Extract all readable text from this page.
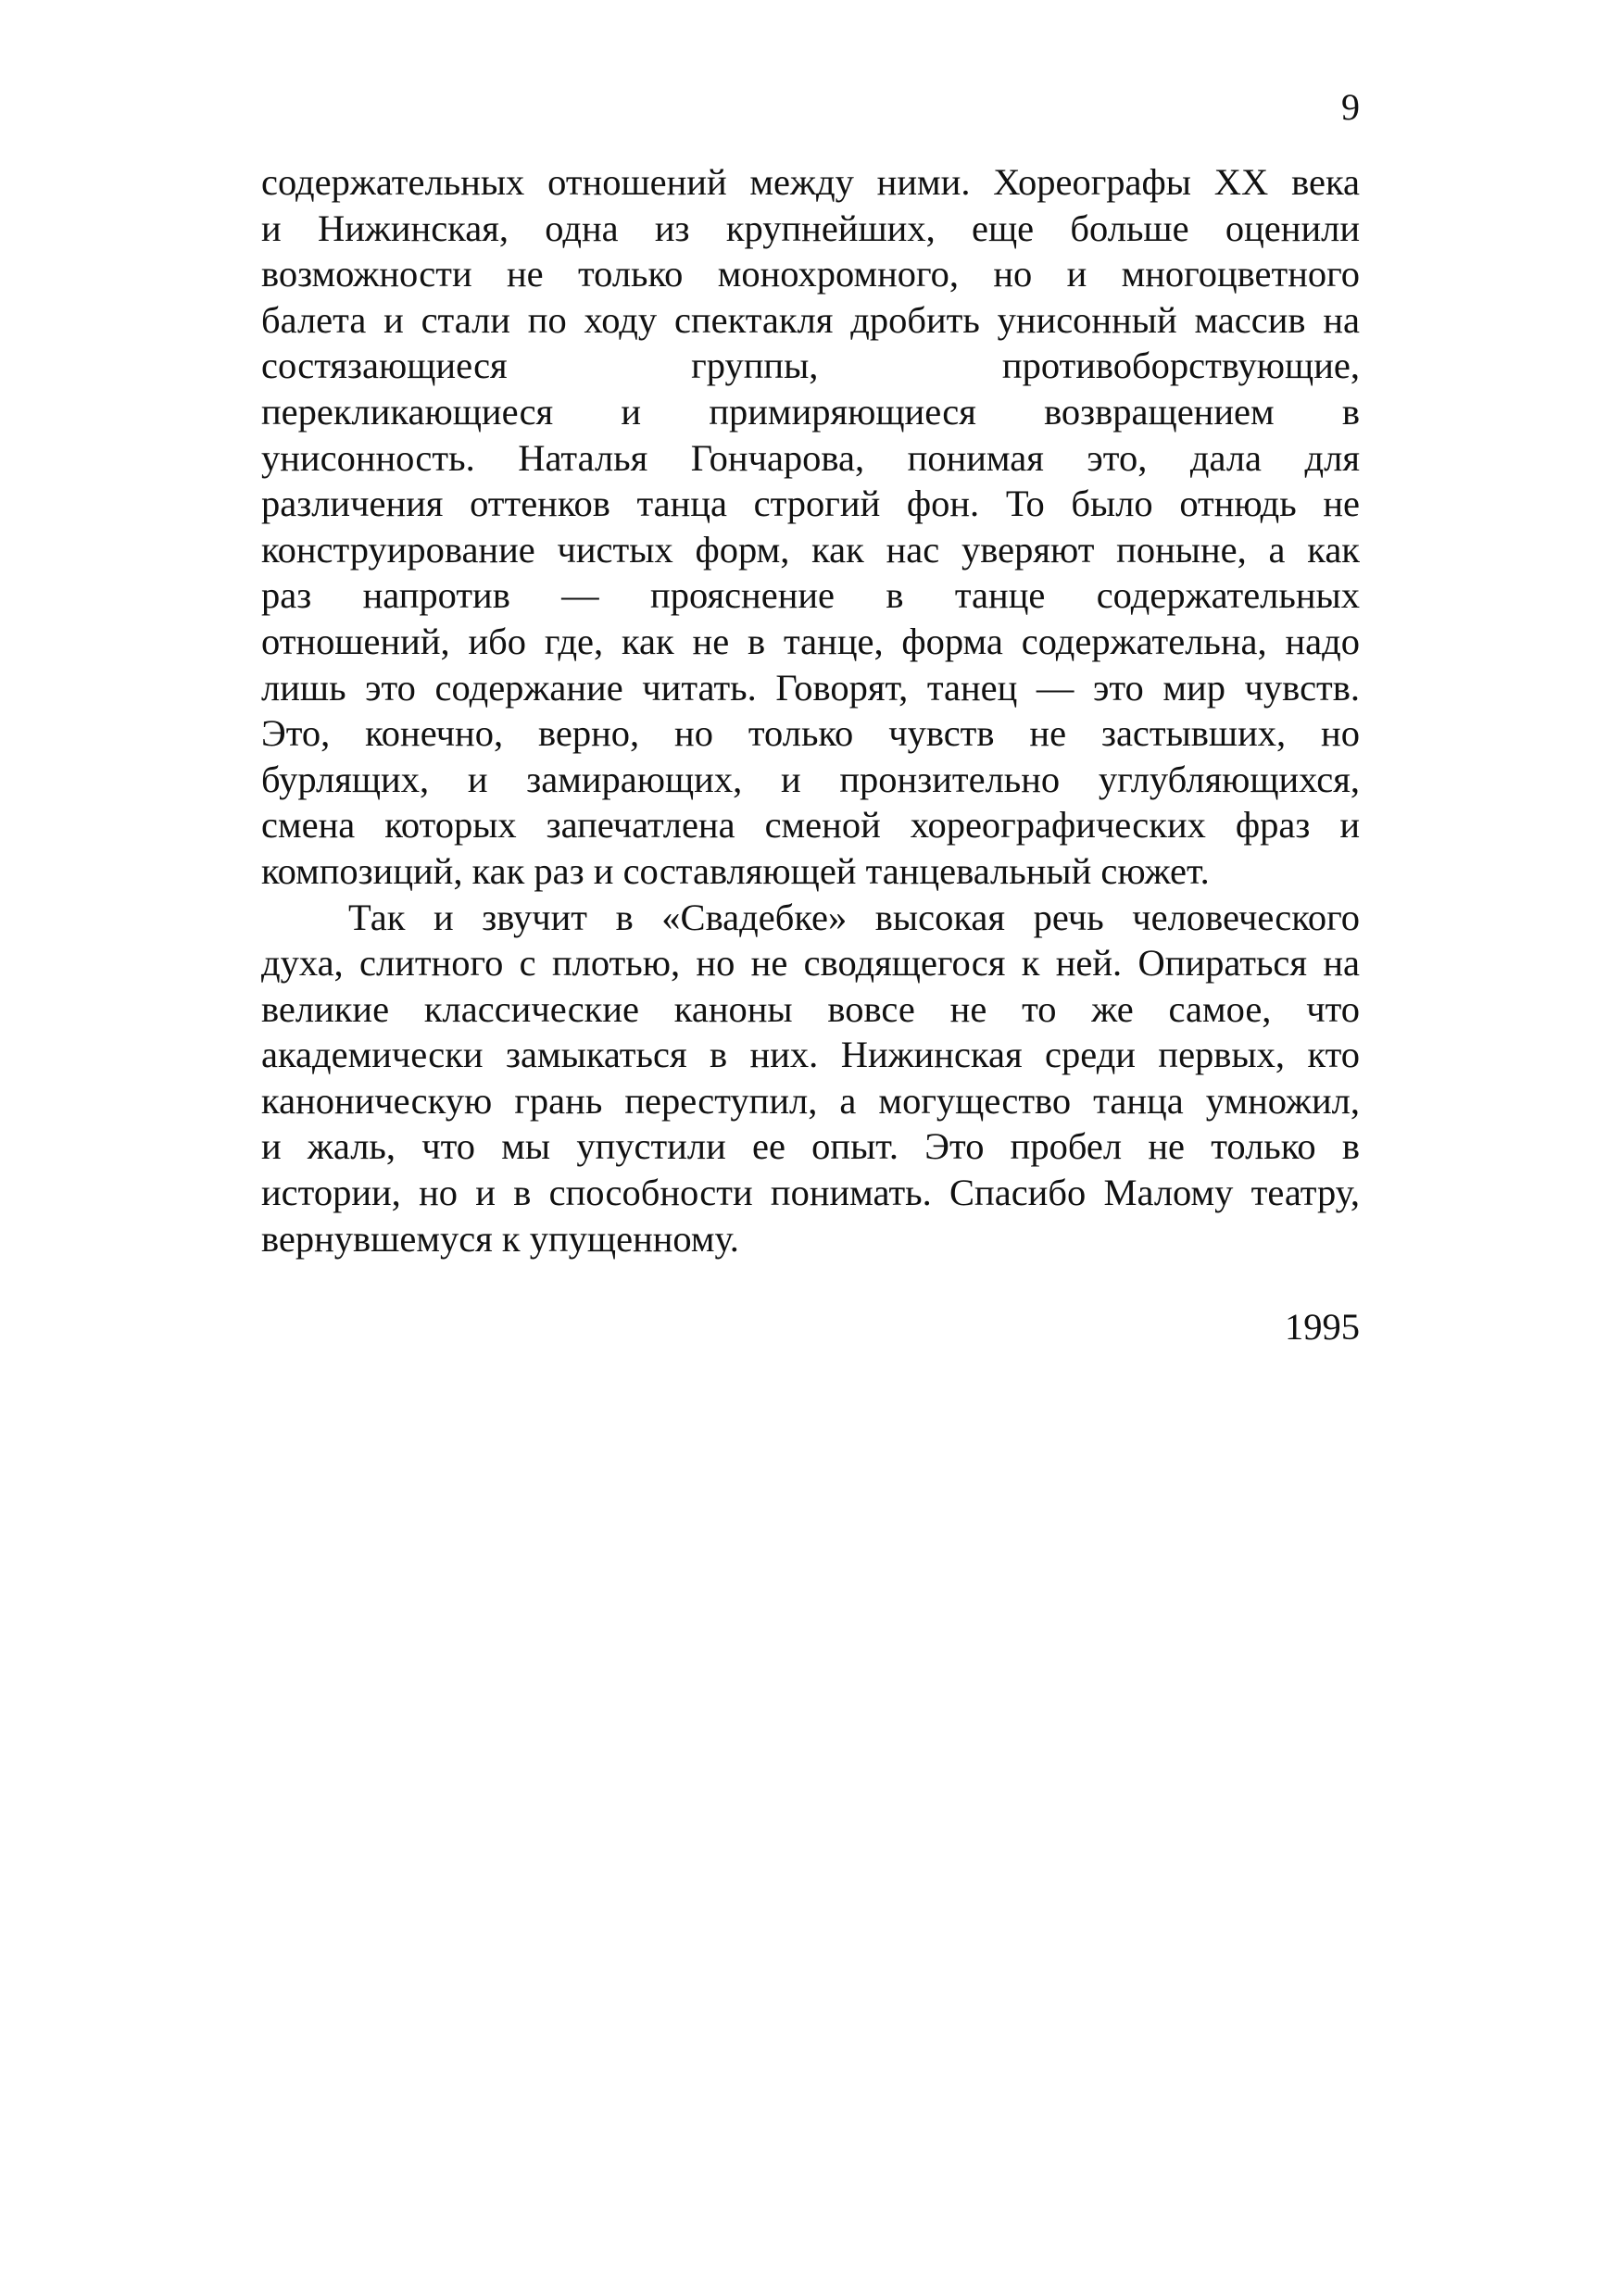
9
содержательных отношений между ними. Хореографы XX века
и Нижинская, одна из крупнейших, еще больше оценили
возможности не только монохромного, но и многоцветного
балета и стали по ходу спектакля дробить унисонный массив на
состязающиеся группы, противоборствующие,
перекликающиеся и примиряющиеся возвращением в
унисонность. Наталья Гончарова, понимая это, дала для
различения оттенков танца строгий фон. То было отнюдь не
конструирование чистых форм, как нас уверяют поныне, а как
раз напротив — прояснение в танце содержательных
отношений, ибо где, как не в танце, форма содержательна, надо
лишь это содержание читать. Говорят, танец — это мир чувств.
Это, конечно, верно, но только чувств не застывших, но
бурлящих, и замирающих, и пронзительно углубляющихся,
смена которых запечатлена сменой хореографических фраз и
композиций, как раз и составляющей танцевальный сюжет.
Так и звучит в «Свадебке» высокая речь человеческого
духа, слитного с плотью, но не сводящегося к ней. Опираться на
великие классические каноны вовсе не то же самое, что
академически замыкаться в них. Нижинская среди первых, кто
каноническую грань переступил, а могущество танца умножил,
и жаль, что мы упустили ее опыт. Это пробел не только в
истории, но и в способности понимать. Спасибо Малому театру,
вернувшемуся к упущенному.
1995
